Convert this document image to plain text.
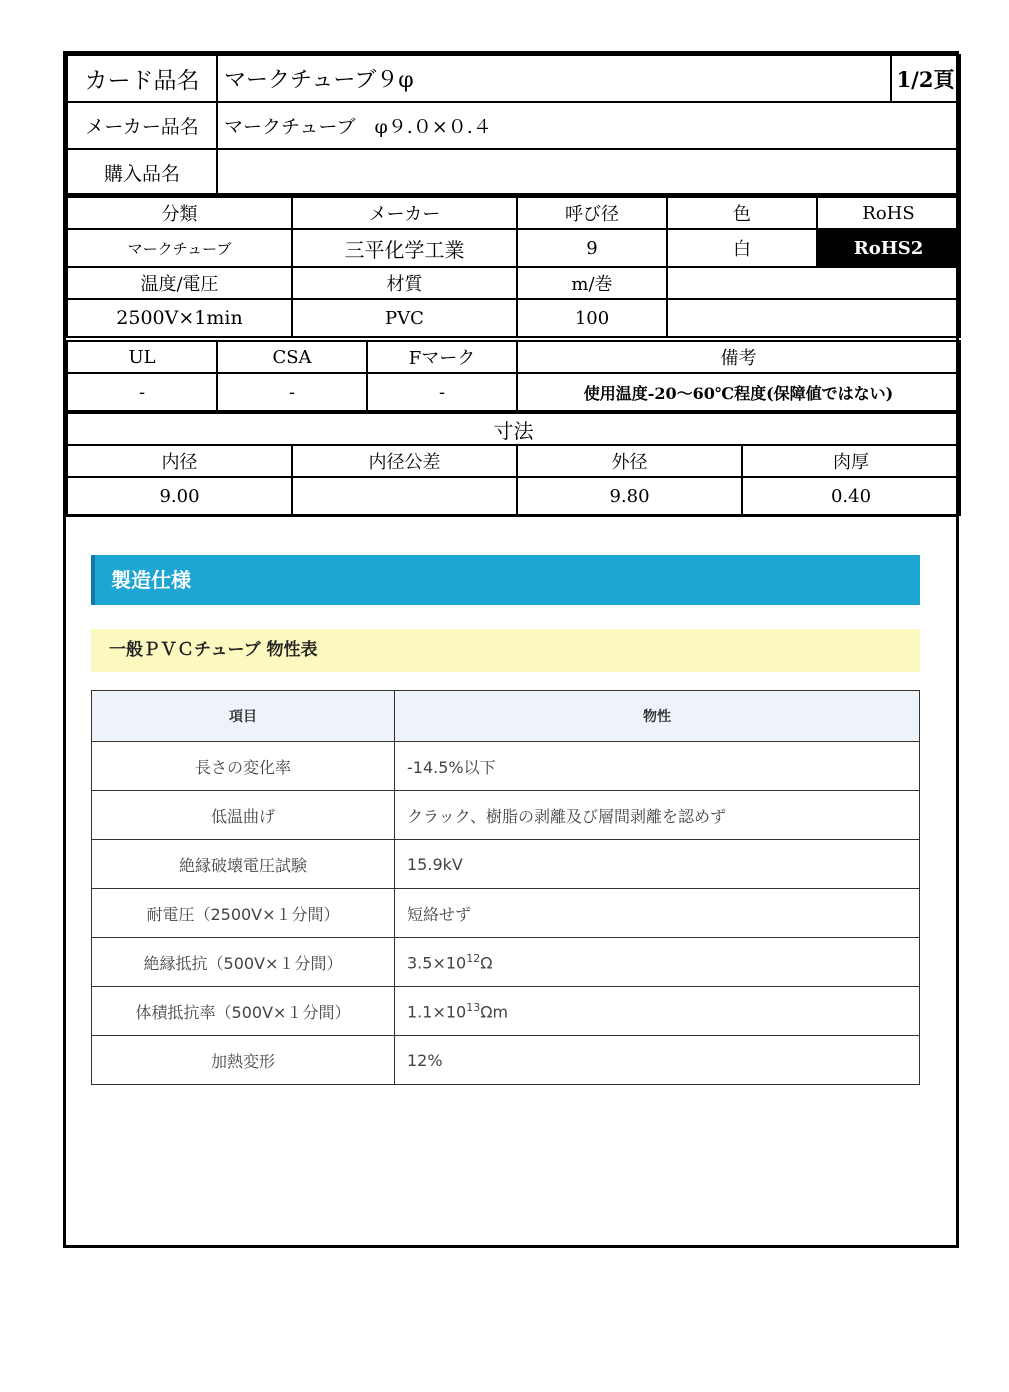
カード品名	マークチューブ９φ	1/2頁
メーカー品名	マークチューブ　φ９.０×０.４	
購入品名		
分類	メーカー	呼び径	色	RoHS
マークチューブ	三平化学工業	9	白	RoHS2
温度/電圧	材質	m/巻	
2500V×1min	PVC	100	
UL	CSA	Fマーク	備考
-	-	-	使用温度-20～60℃程度(保障値ではない)
寸法			
内径	内径公差	外径	肉厚
9.00		9.80	0.40
製造仕様
一般ＰＶＣチューブ 物性表
項目	物性
長さの変化率	-14.5%以下
低温曲げ	クラック、樹脂の剥離及び層間剥離を認めず
絶縁破壊電圧試験	15.9kV
耐電圧（2500V×１分間）	短絡せず
絶縁抵抗（500V×１分間）	$3.5\times 10^{12}\Omega$
体積抵抗率（500V×１分間）	$1.1\times 10^{13}\Omega m$
加熱変形	12%
